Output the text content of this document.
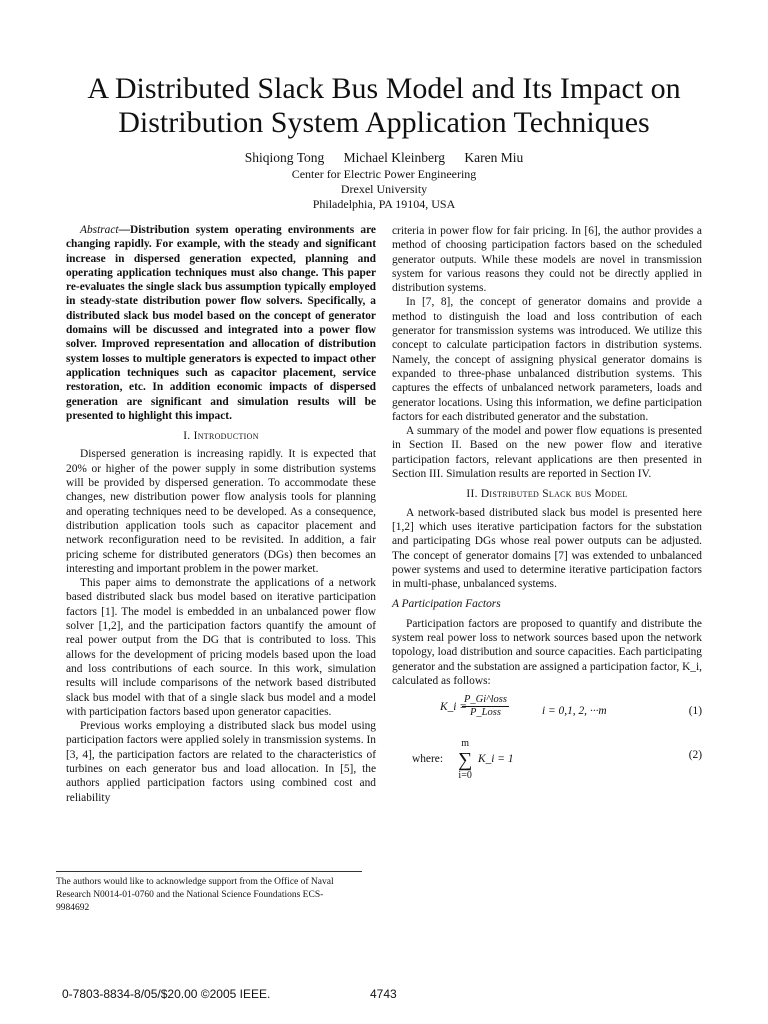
A Distributed Slack Bus Model and Its Impact on
Distribution System Application Techniques
Shiqiong Tong Michael Kleinberg Karen Miu
Center for Electric Power Engineering
Drexel University
Philadelphia, PA 19104, USA

Abstract—Distribution system operating environments are changing rapidly. For example, with the steady and significant increase in dispersed generation expected, planning and operating application techniques must also change. This paper re-evaluates the single slack bus assumption typically employed in steady-state distribution power flow solvers. Specifically, a distributed slack bus model based on the concept of generator domains will be discussed and integrated into a power flow solver. Improved representation and allocation of distribution system losses to multiple generators is expected to impact other application techniques such as capacitor placement, service restoration, etc. In addition economic impacts of dispersed generation are significant and simulation results will be presented to highlight this impact.

I. Introduction

Dispersed generation is increasing rapidly. It is expected that 20% or higher of the power supply in some distribution systems will be provided by dispersed generation. To accommodate these changes, new distribution power flow analysis tools for planning and operating techniques need to be developed. As a consequence, distribution application tools such as capacitor placement and network reconfiguration need to be revisited. In addition, a fair pricing scheme for distributed generators (DGs) then becomes an interesting and important problem in the power market.

This paper aims to demonstrate the applications of a network based distributed slack bus model based on iterative participation factors [1]. The model is embedded in an unbalanced power flow solver [1,2], and the participation factors quantify the amount of real power output from the DG that is contributed to loss. This allows for the development of pricing models based upon the load and loss contributions of each source. In this work, simulation results will include comparisons of the network based distributed slack bus model with that of a single slack bus model and a model with participation factors based upon generator capacities.

Previous works employing a distributed slack bus model using participation factors were applied solely in transmission systems. In [3, 4], the participation factors are related to the characteristics of turbines on each generator bus and load allocation. In [5], the authors applied participation factors using combined cost and reliability

The authors would like to acknowledge support from the Office of Naval Research N0014-01-0760 and the National Science Foundations ECS-9984692

criteria in power flow for fair pricing. In [6], the author provides a method of choosing participation factors based on the scheduled generator outputs. While these models are novel in transmission system for various reasons they could not be directly applied in distribution systems.

In [7, 8], the concept of generator domains and provide a method to distinguish the load and loss contribution of each generator for transmission systems was introduced. We utilize this concept to calculate participation factors in distribution systems. Namely, the concept of assigning physical generator domains is expanded to three-phase unbalanced distribution systems. This captures the effects of unbalanced network parameters, loads and generator locations. Using this information, we define participation factors for each distributed generator and the substation.

A summary of the model and power flow equations is presented in Section II. Based on the new power flow and iterative participation factors, relevant applications are then presented in Section III. Simulation results are reported in Section IV.

II. Distributed Slack bus Model

A network-based distributed slack bus model is presented here [1,2] which uses iterative participation factors for the substation and participating DGs whose real power outputs can be adjusted. The concept of generator domains [7] was extended to unbalanced power systems and used to determine iterative participation factors in multi-phase, unbalanced systems.

A Participation Factors

Participation factors are proposed to quantify and distribute the system real power loss to network sources based upon the network topology, load distribution and source capacities. Each participating generator and the substation are assigned a participation factor, K_i, calculated as follows:

K_i =
P_Gi^loss
P_Loss	i = 0,1, 2, ···m	(1)
where:
m
∑
i=0
K_i = 1	(2)
0-7803-8834-8/05/$20.00 ©2005 IEEE.	4743
